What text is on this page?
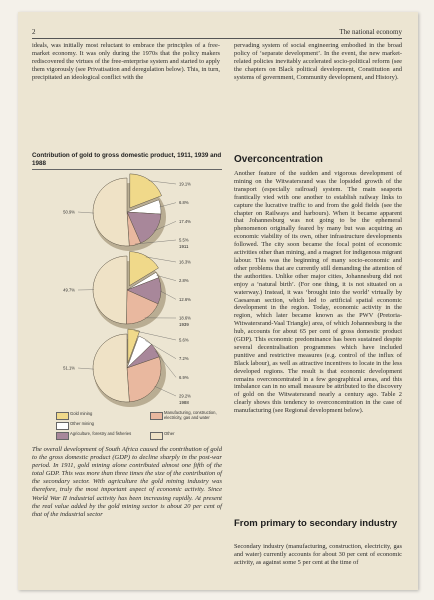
2	The national economy

ideals, was initially most reluctant to embrace the principles of a free-market economy. It was only during the 1970s that the policy makers rediscovered the virtues of the free-enterprise system and started to apply them vigorously (see Privatisation and deregulation below). This, in turn, precipitated an ideological conflict with the

pervading system of social engineering embodied in the broad policy of ‘separate development’. In the event, the new market-related policies inevitably accelerated socio-political reform (see the chapters on Black political development, Constitution and systems of government, Community development, and History).

Contribution of gold to gross domestic product, 1911, 1939 and 1988

19.1%
6.8%
17.4%
5.5%
50.9%
1911
16.3%
2.8%
12.6%
18.6%
49.7%
1939
5.6%
7.2%
6.9%
29.2%
51.1%
1988
Gold mining
Other mining
Agriculture, forestry and fisheries
Manufacturing, construction, electricity, gas and water
Other

The overall development of South Africa caused the contribution of gold to the gross domestic product (GDP) to decline sharply in the post-war period. In 1911, gold mining alone contributed almost one fifth of the total GDP. This was more than three times the size of the contribution of the secondary sector. With agriculture the gold mining industry was therefore, truly the most important aspect of economic activity. Since World War II industrial activity has been increasing rapidly. At present the real value added by the gold mining sector is about 20 per cent of that of the industrial sector

Overconcentration

Another feature of the sudden and vigorous development of mining on the Witwatersrand was the lopsided growth of the transport (especially railroad) system. The main seaports frantically vied with one another to establish railway links to capture the lucrative traffic to and from the gold fields (see the chapter on Railways and harbours). When it became apparent that Johannesburg was not going to be the ephemeral phenomenon originally feared by many but was acquiring an economic viability of its own, other infrastructure developments followed. The city soon became the focal point of economic activities other than mining, and a magnet for indigenous migrant labour. This was the beginning of many socio-economic and other problems that are currently still demanding the attention of the authorities. Unlike other major cities, Johannesburg did not enjoy a ‘natural birth’. (For one thing, it is not situated on a waterway.) Instead, it was ‘brought into the world’ virtually by Caesarean section, which led to artificial spatial economic development in the region. Today, economic activity in the region, which later became known as the PWV (Pretoria-Witwatersrand-Vaal Triangle) area, of which Johannesburg is the hub, accounts for about 65 per cent of gross domestic product (GDP). This economic predominance has been sustained despite several decentralisation programmes which have included punitive and restrictive measures (e.g. control of the influx of Black labour), as well as attractive incentives to locate in the less developed regions. The result is that economic development remains overconcentrated in a few geographical areas, and this imbalance can in no small measure be attributed to the discovery of gold on the Witwatersrand nearly a century ago. Table 2 clearly shows this tendency to overconcentration in the case of manufacturing (see Regional development below).

From primary to secondary industry

Secondary industry (manufacturing, construction, electricity, gas and water) currently accounts for about 30 per cent of economic activity, as against some 5 per cent at the time of
